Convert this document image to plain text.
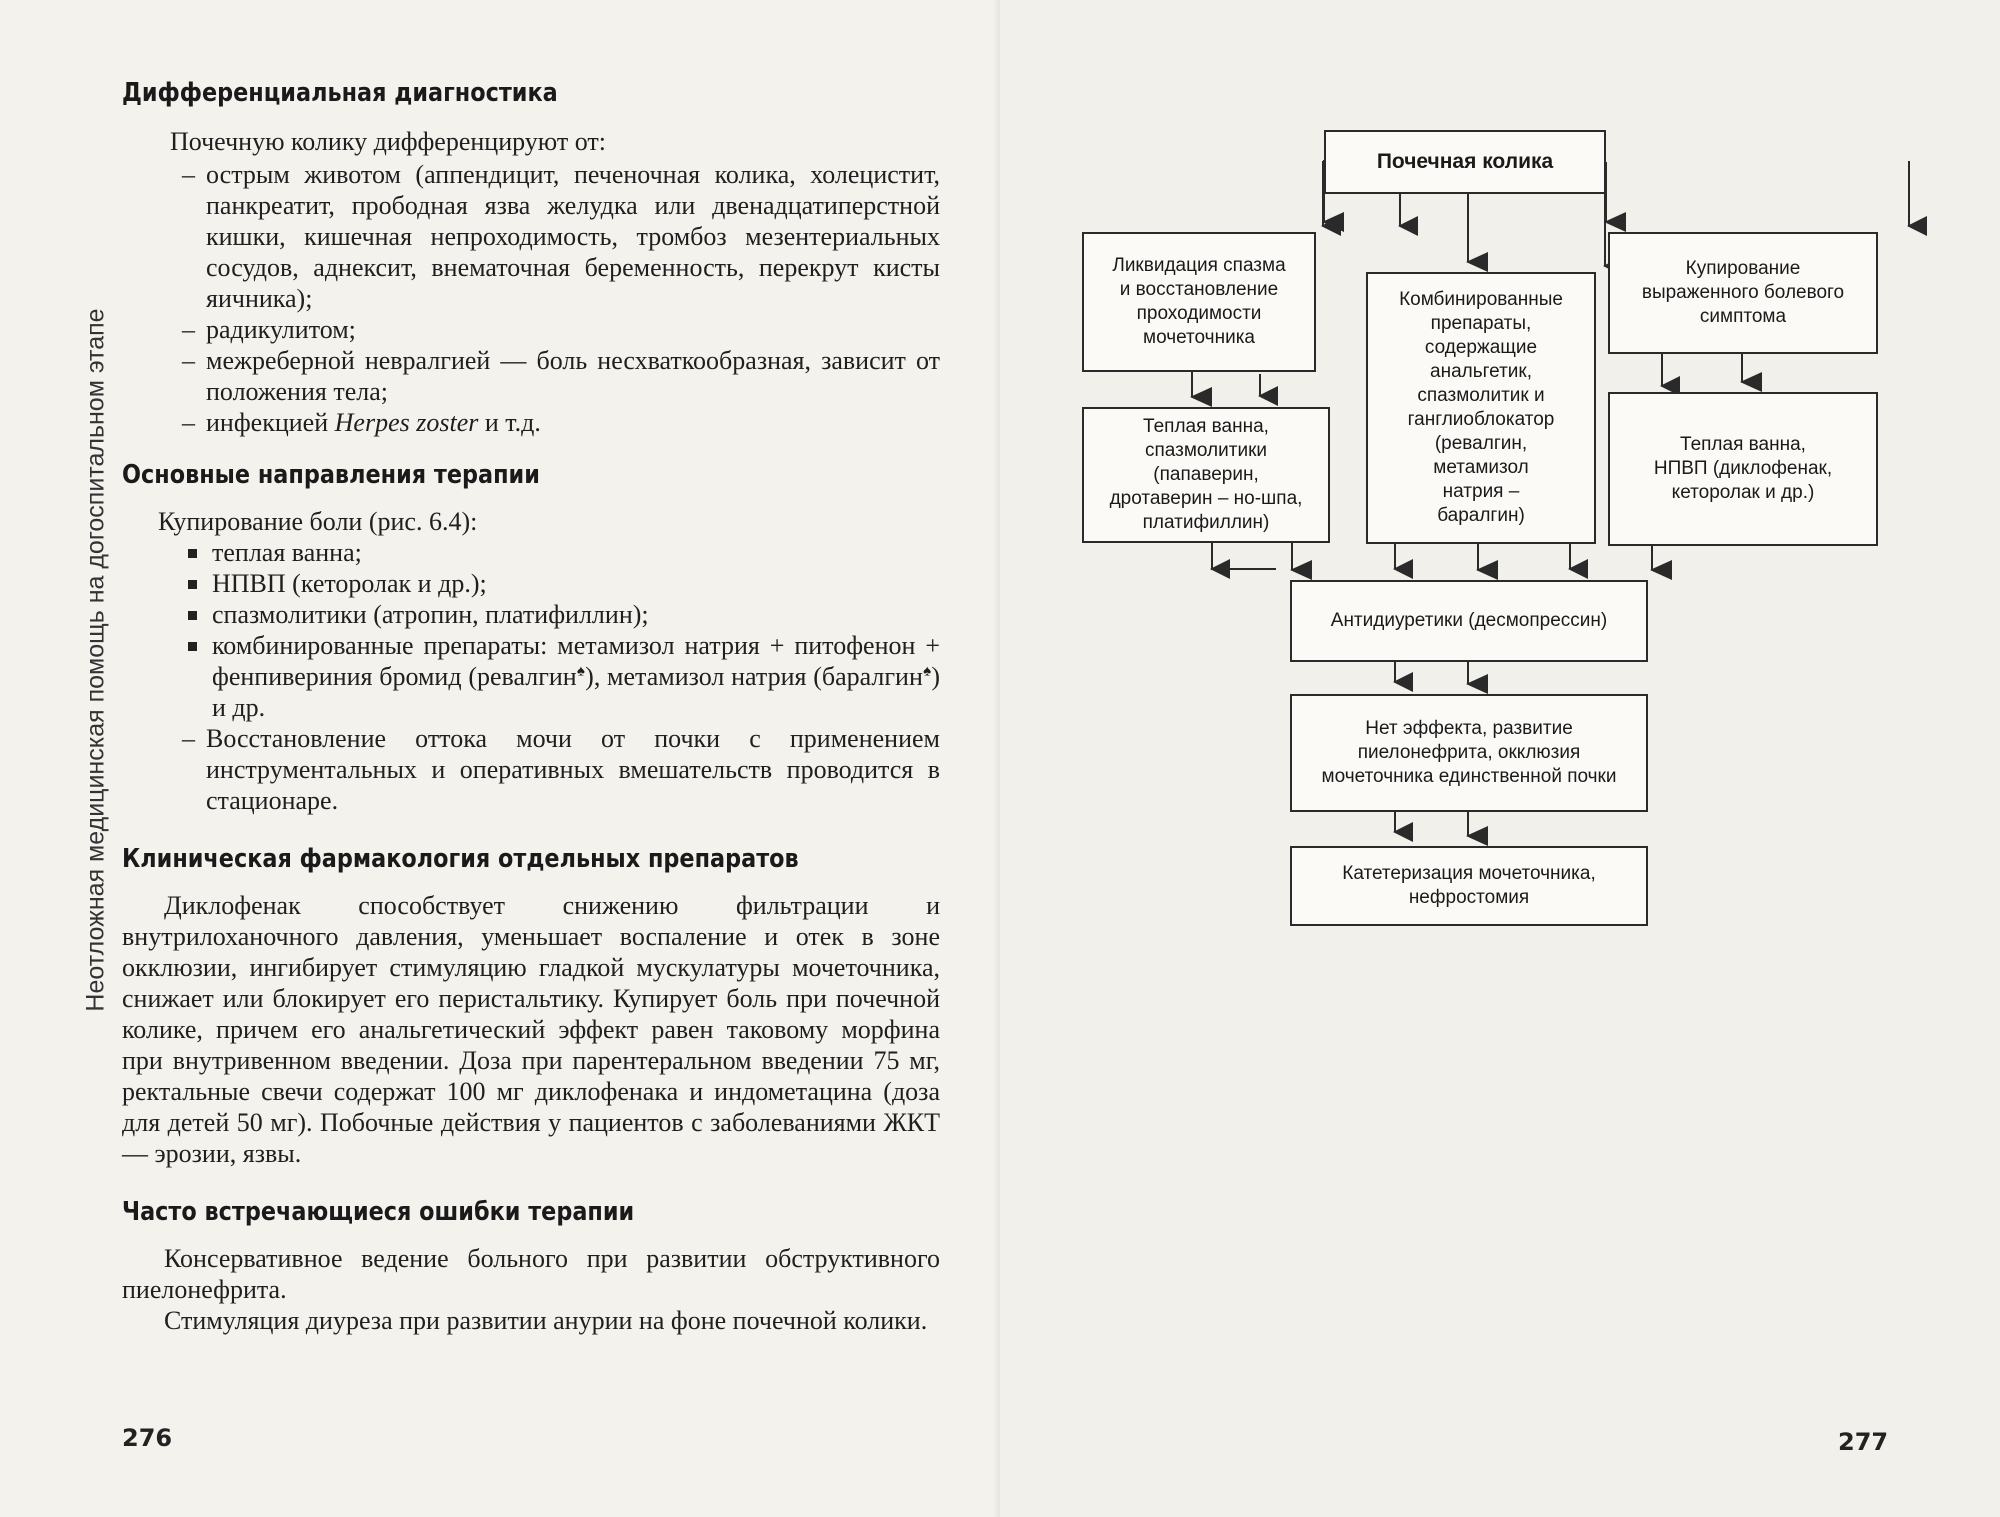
Неотложная медицинская помощь на догоспитальном этапе
Дифференциальная диагностика

Почечную колику дифференцируют от:

– острым животом (аппендицит, печеночная колика, холецистит, панкреатит, прободная язва желудка или двенадцатиперстной кишки, кишечная непроходимость, тромбоз мезентериальных сосудов, аднексит, внематочная беременность, перекрут кисты яичника);
– радикулитом;
– межреберной невралгией — боль несхваткообразная, зависит от положения тела;
– инфекцией Herpes zoster и т.д.
Основные направления терапии

Купирование боли (рис. 6.4):

теплая ванна;
НПВП (кеторолак и др.);
спазмолитики (атропин, платифиллин);
комбинированные препараты: метамизол натрия + питофенон + фенпивериния бромид (ревалгин♠), метамизол натрия (баралгин♠) и др.
– Восстановление оттока мочи от почки с применением инструментальных и оперативных вмешательств проводится в стационаре.
Клиническая фармакология отдельных препаратов

Диклофенак способствует снижению фильтрации и внутрилоханочного давления, уменьшает воспаление и отек в зоне окклюзии, ингибирует стимуляцию гладкой мускулатуры мочеточника, снижает или блокирует его перистальтику. Купирует боль при почечной колике, причем его анальгетический эффект равен таковому морфина при внутривенном введении. Доза при парентеральном введении 75 мг, ректальные свечи содержат 100 мг диклофенака и индометацина (доза для детей 50 мг). Побочные действия у пациентов с заболеваниями ЖКТ — эрозии, язвы.

Часто встречающиеся ошибки терапии

Консервативное ведение больного при развитии обструктивного пиелонефрита.

Стимуляция диуреза при развитии анурии на фоне почечной колики.

276	277
Почечная колика
Ликвидация спазма
и восстановление
проходимости
мочеточника
Теплая ванна,
спазмолитики
(папаверин,
дротаверин – но-шпа,
платифиллин)
Комбинированные
препараты,
содержащие
анальгетик,
спазмолитик и
ганглиоблокатор
(ревалгин,
метамизол
натрия –
баралгин)
Купирование
выраженного болевого
симптома
Теплая ванна,
НПВП (диклофенак,
кеторолак и др.)
Антидиуретики (десмопрессин)
Нет эффекта, развитие
пиелонефрита, окклюзия
мочеточника единственной почки
Катетеризация мочеточника,
нефростомия
